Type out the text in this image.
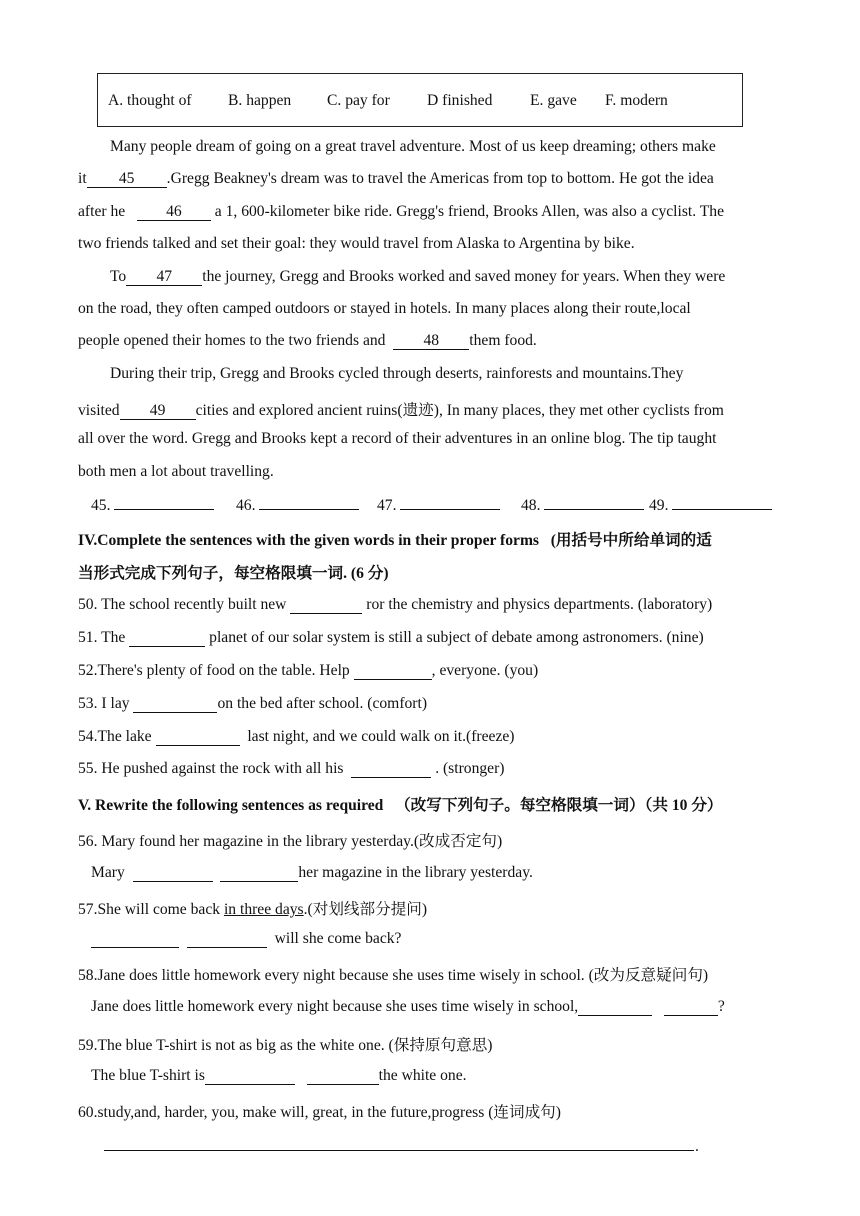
A. thought of B. happen C. pay for D finished E. gave F. modern
Many people dream of going on a great travel adventure. Most of us keep dreaming; others make
it 45 .Gregg Beakney's dream was to travel the Americas from top to bottom. He got the idea
after he	46 a 1, 600-kilometer bike ride. Gregg's friend, Brooks Allen, was also a cyclist. The
two friends talked and set their goal: they would travel from Alaska to Argentina by bike.
To 47 the journey, Gregg and Brooks worked and saved money for years. When they were
on the road, they often camped outdoors or stayed in hotels. In many places along their route,local
people opened their homes to the two friends and 48 them food.
During their trip, Gregg and Brooks cycled through deserts, rainforests and mountains.They
visited 49 cities and explored ancient ruins(遗迹), In many places, they met other cyclists from
all over the word. Gregg and Brooks kept a record of their adventures in an online blog. The tip taught
both men a lot about travelling.
45.	46.	47.	48.	49.
IV.Complete the sentences with the given words in their proper forms (用括号中所给单词的适
当形式完成下列句子，每空格限填一词. (6 分)
50. The school recently built new	ror the chemistry and physics departments. (laboratory)
51. The	planet of our solar system is still a subject of debate among astronomers. (nine)
52.There's plenty of food on the table. Help	, everyone. (you)
53. I lay	on the bed after school. (comfort)
54.The lake	last night, and we could walk on it.(freeze)
55. He pushed against the rock with all his	. (stronger)
V. Rewrite the following sentences as required （改写下列句子。每空格限填一词）（共 10 分）
56. Mary found her magazine in the library yesterday.(改成否定句)
Mary	her magazine in the library yesterday.
57.She will come back in three days.(对划线部分提问)
will she come back?
58.Jane does little homework every night because she uses time wisely in school. (改为反意疑问句)
Jane does little homework every night because she uses time wisely in school,	?
59.The blue T-shirt is not as big as the white one. (保持原句意思)
The blue T-shirt is	the white one.
60.study,and, harder, you, make will, great, in the future,progress (连词成句)
.
